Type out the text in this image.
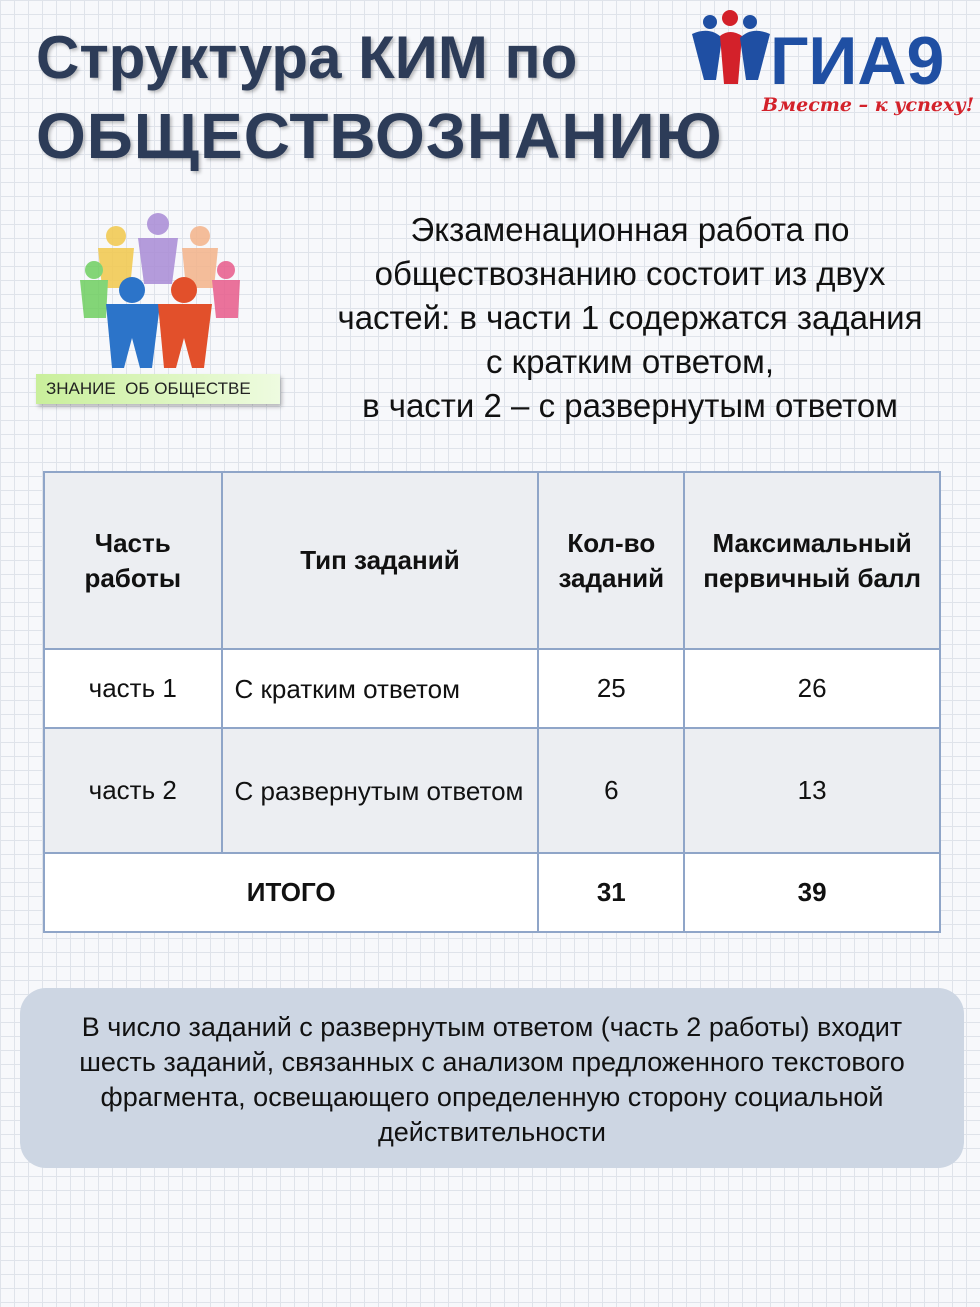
Структура КИМ по
ОБЩЕСТВОЗНАНИЮ
ГИА9
Вместе – к успеху!
ЗНАНИЕ  ОБ ОБЩЕСТВЕ
Экзаменационная работа по
обществознанию состоит из двух
частей: в части 1 содержатся задания
с кратким ответом,
в части 2 – с развернутым ответом
Часть работы	Тип заданий	Кол-во заданий	Максимальный первичный балл
часть 1	С кратким ответом	25	26
часть 2	С развернутым ответом	6	13
ИТОГО		31	39
В число заданий с развернутым ответом (часть 2 работы) входит шесть заданий, связанных с анализом предложенного текстового фрагмента, освещающего определенную сторону социальной действительности
